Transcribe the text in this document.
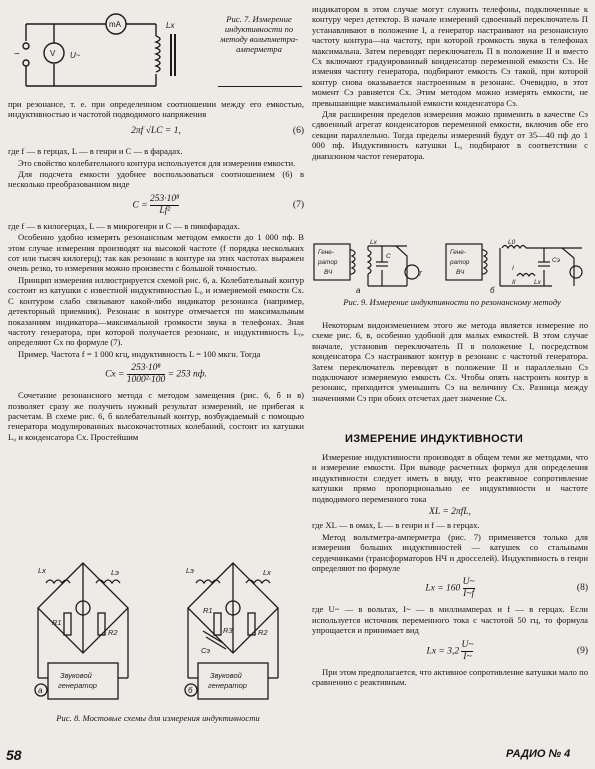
mA
V U~
Lx
~
Рис. 7. Измерение индуктивности по методу вольтметра-амперметра

при резонансе, т. е. при определенном соотношении между его емкостью, индуктивностью и частотой подводимого напряжения

2πf √LC = 1,	(6)

где f — в герцах, L — в генри и C — в фарадах.

Это свойство колебательного контура используется для измерения емкости.

Для подсчета емкости удобнее воспользоваться соотношением (6) в несколько преобразованном виде

$C = \frac{\text{253·10⁸}}{\text{Lf²}}$	(7)

где f — в килогерцах, L — в микрогенри и C — в пикофарадах.

Особенно удобно измерять резонансным методом емкости до 1 000 пф. В этом случае измерения производят на высокой частоте (f порядка нескольких сот или тысяч килогерц); так как резонанс в контуре на этих частотах выражен очень резко, то измерения можно произвести с большой точностью.

Принцип измерения иллюстрируется схемой рис. 6, а. Колебательный контур состоит из катушки с известной индуктивностью L₀ и измеряемой емкости Cx. С контуром слабо связывают какой-либо индикатор резонанса (например, детекторный приемник). Резонанс в контуре отмечается по максимальным показаниям индикатора—максимальной громкости звука в телефонах. Зная частоту генератора, при которой получается резонанс, и индуктивность L₀, определяют Cx по формуле (7).

Пример. Частота f = 1 000 кгц, индуктивность L = 100 мкгн. Тогда

$Cx = \frac{\text{253·10⁸}}{\text{1000²·100}} = 253$ пф.

Сочетание резонансного метода с методом замещения (рис. 6, б и в) позволяет сразу же получить нужный результат измерений, не прибегая к расчетам. В схеме рис. 6, б колебательный контур, возбуждаемый с помощью генератора модулированных высокочастотных колебаний, состоит из катушки L₀ и конденсатора Cx. Простейшим

Lx	Lэ
R1
R2
Звуковой
генератор
а
Lэ	Lx
R1
R2
R3
Cэ
Звуковой
генератор
б
Рис. 8. Мостовые схемы для измерения индуктивности

индикатором в этом случае могут служить телефоны, подключенные к контуру через детектор. В начале измерений сдвоенный переключатель П устанавливают в положение I, а генератор настраивают на резонансную частоту контура—на частоту, при которой громкость звука в телефонах максимальна. Затем переводят переключатель П в положение II и вместо Cx включают градуированный конденсатор переменной емкости Cэ. Не изменяя частоту генератора, подбирают емкость Cэ такой, при которой контур снова оказывается настроенным в резонанс. Очевидно, в этот момент Cэ равняется Cx. Этим методом можно измерять емкости, не превышающие максимальной емкости конденсатора Cэ.

Для расширения пределов измерения можно применить в качестве Cэ сдвоенный агрегат конденсаторов переменной емкости, включив обе его секции параллельно. Тогда пределы измерений будут от 35—40 пф до 1 000 пф. Индуктивность катушки L₀ подбирают в соответствии с диапазоном частот генератора.

Гене-
ратор
ВЧ
Lx
C
T
а
Гене-
ратор
ВЧ
L0
Cэ
Lx
I
II
б
Рис. 9. Измерение индуктивности по резонансному методу

Некоторым видоизменением этого же метода является измерение по схеме рис. 6, в, особенно удобной для малых емкостей. В этом случае вначале, установив переключатель П в положение I, посредством конденсатора Cэ настраивают контур в резонанс с частотой генератора. Затем переключатель переводят в положение II и параллельно Cэ подключают измеряемую емкость Cx. Чтобы опять настроить контур в резонанс, приходится уменьшить Cэ на величину Cx. Разница между значениями Cэ при обоих отсчетах дает значение Cx.

ИЗМЕРЕНИЕ ИНДУКТИВНОСТИ

Измерение индуктивности производят в общем теми же методами, что и измерение емкости. При выводе расчетных формул для определения индуктивности следует иметь в виду, что реактивное сопротивление катушки прямо пропорционально ее индуктивности и частоте подводимого переменного тока

XL = 2πfL,

где XL — в омах, L — в генри и f — в герцах.

Метод вольтметра-амперметра (рис. 7) применяется только для измерения больших индуктивностей — катушек со стальными сердечниками (трансформаторов НЧ и дросселей). Индуктивность в генри определяют по формуле

$Lx = 160 \frac{U\sim}{I\sim f}$	(8)

где U~ — в вольтах, I~ — в миллиамперах и f — в герцах. Если используется источник переменного тока с частотой 50 гц, то формула упрощается и принимает вид

$Lx = 3,2 \frac{U\sim}{I\sim}$	(9)

При этом предполагается, что активное сопротивление катушки мало по сравнению с реактивным.

58	РАДИО № 4
